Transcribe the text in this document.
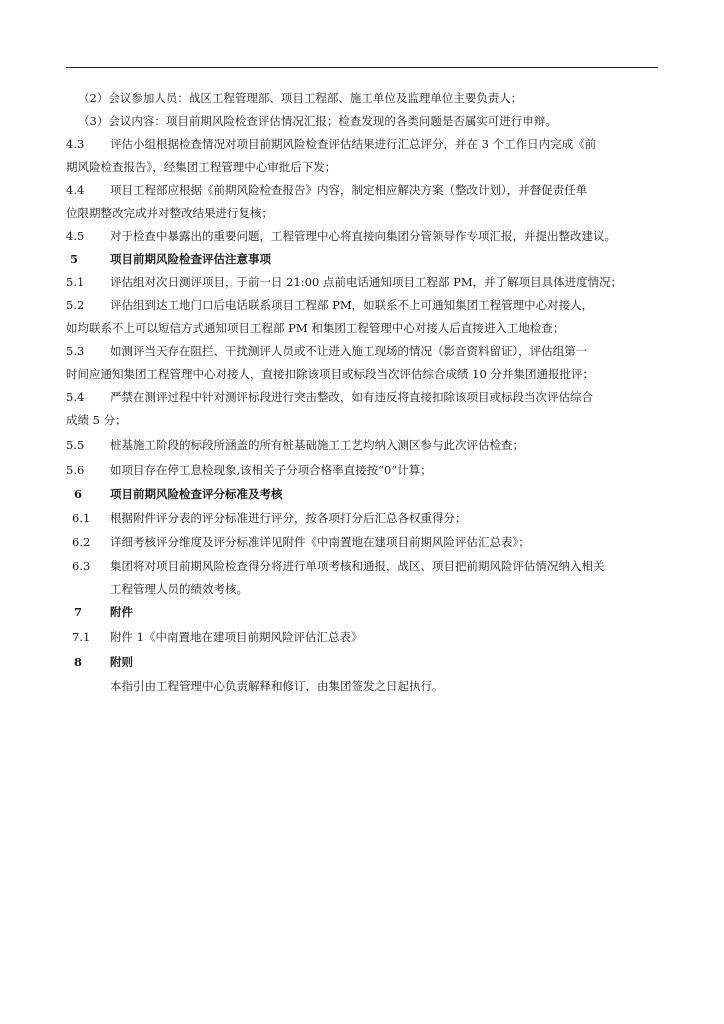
（2）会议参加人员：战区工程管理部、项目工程部、施工单位及监理单位主要负责人；
（3）会议内容：项目前期风险检查评估情况汇报；检查发现的各类问题是否属实可进行申辩。
4.3 评估小组根据检查情况对项目前期风险检查评估结果进行汇总评分，并在 3 个工作日内完成《前
期风险检查报告》，经集团工程管理中心审批后下发；
4.4 项目工程部应根据《前期风险检查报告》内容，制定相应解决方案（整改计划），并督促责任单
位限期整改完成并对整改结果进行复核；
4.5 对于检查中暴露出的重要问题，工程管理中心将直接向集团分管领导作专项汇报，并提出整改建议。
5	项目前期风险检查评估注意事项
5.1 评估组对次日测评项目，于前一日 21:00 点前电话通知项目工程部 PM，并了解项目具体进度情况；
5.2 评估组到达工地门口后电话联系项目工程部 PM，如联系不上可通知集团工程管理中心对接人，
如均联系不上可以短信方式通知项目工程部 PM 和集团工程管理中心对接人后直接进入工地检查；
5.3 如测评当天存在阻拦、干扰测评人员或不让进入施工现场的情况（影音资料留证），评估组第一
时间应通知集团工程管理中心对接人，直接扣除该项目或标段当次评估综合成绩 10 分并集团通报批评；
5.4 严禁在测评过程中针对测评标段进行突击整改，如有违反将直接扣除该项目或标段当次评估综合
成绩 5 分；
5.5 桩基施工阶段的标段所涵盖的所有桩基础施工工艺均纳入测区参与此次评估检查；
5.6 如项目存在停工息检现象,该相关子分项合格率直接按“0”计算；
6 项目前期风险检查评分标准及考核
6.1 根据附件评分表的评分标准进行评分，按各项打分后汇总各权重得分；
6.2 详细考核评分维度及评分标准详见附件《中南置地在建项目前期风险评估汇总表》；
6.3 集团将对项目前期风险检查得分将进行单项考核和通报，战区、项目把前期风险评估情况纳入相关
工程管理人员的绩效考核。
7 附件
7.1 附件 1《中南置地在建项目前期风险评估汇总表》
8 附则
本指引由工程管理中心负责解释和修订，由集团签发之日起执行。
